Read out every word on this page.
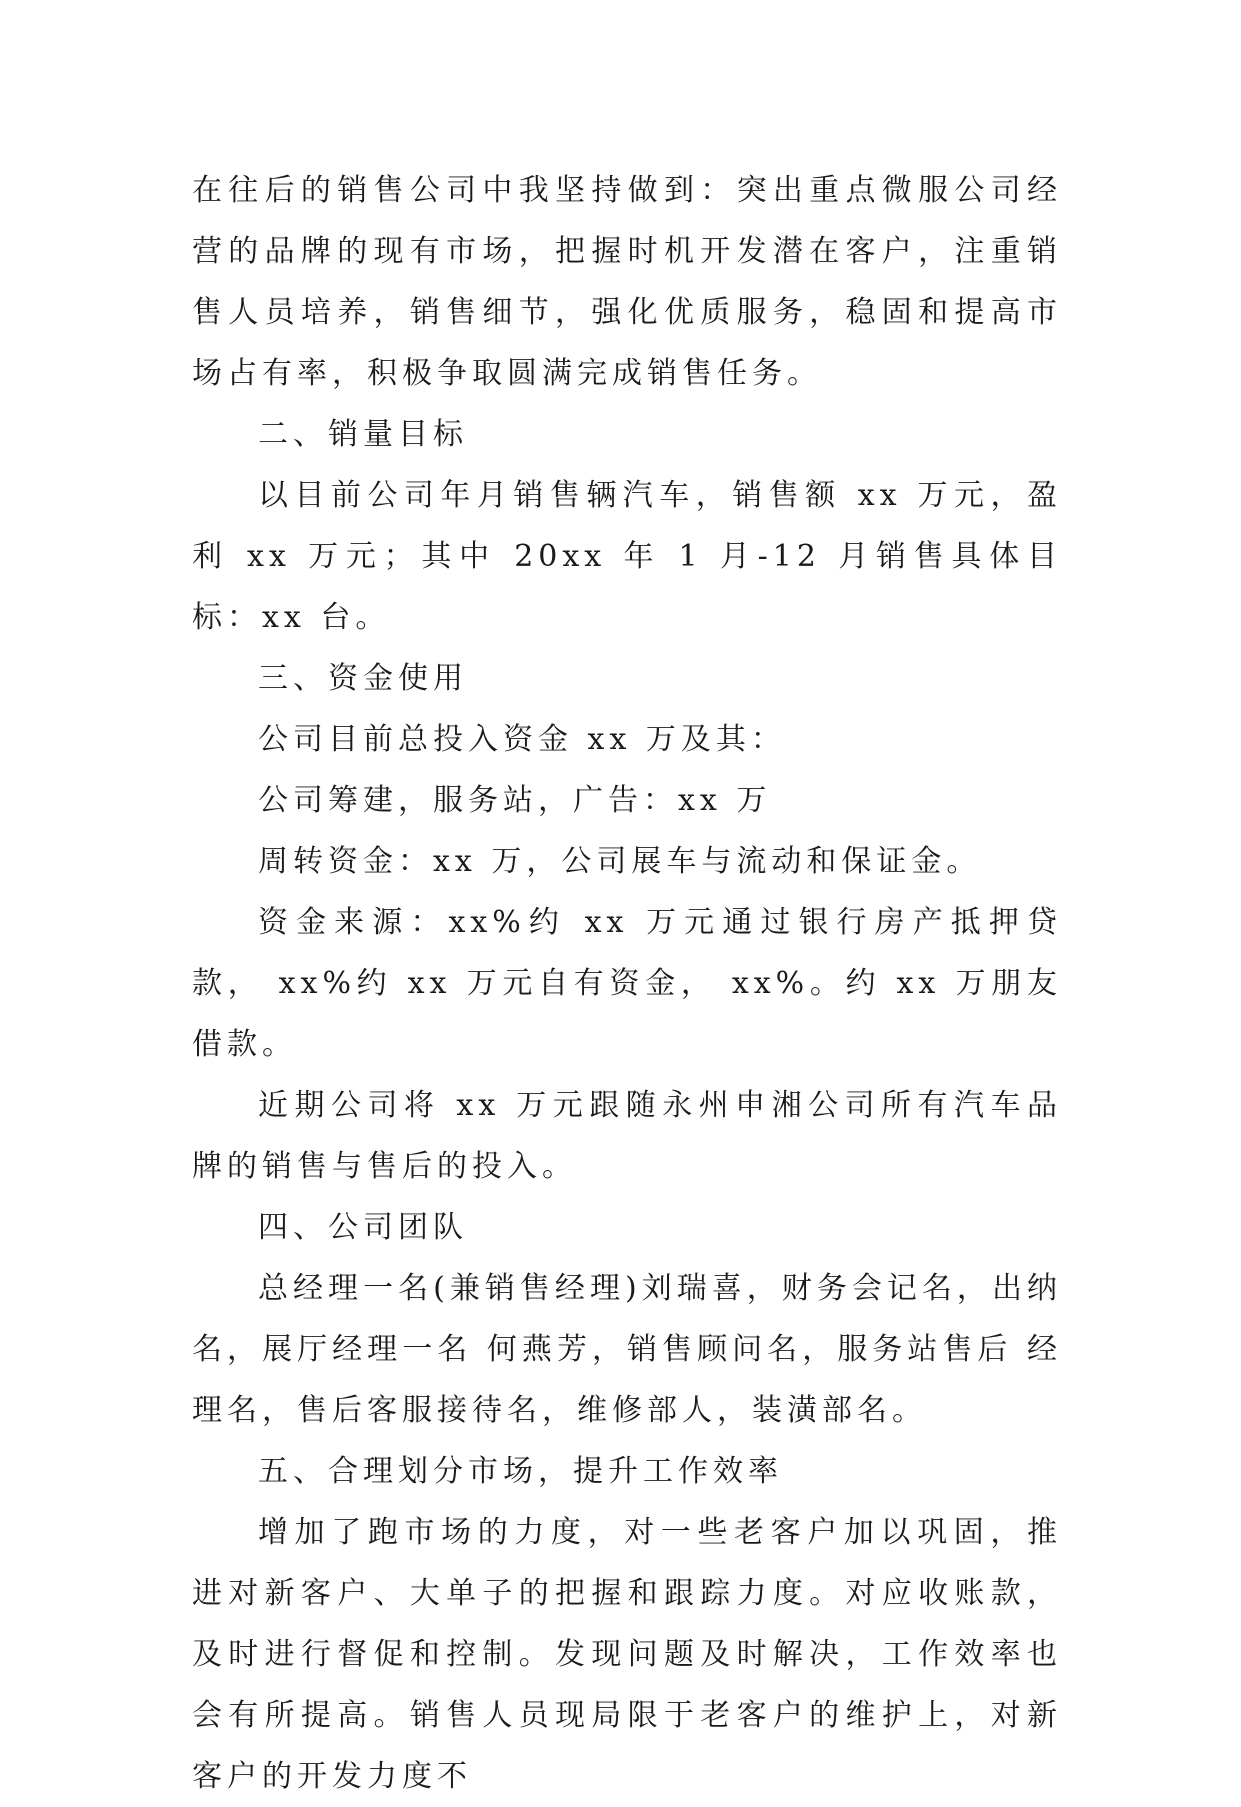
在往后的销售公司中我坚持做到：突出重点微服公司经营的品牌的现有市场，把握时机开发潜在客户，注重销售人员培养，销售细节，强化优质服务，稳固和提高市场占有率，积极争取圆满完成销售任务。

二、销量目标

以目前公司年月销售辆汽车，销售额 xx 万元，盈利 xx 万元；其中 20xx 年 1 月-12 月销售具体目标：xx 台。

三、资金使用

公司目前总投入资金 xx 万及其：

公司筹建，服务站，广告：xx 万

周转资金：xx 万，公司展车与流动和保证金。

资金来源：xx%约 xx 万元通过银行房产抵押贷款， xx%约 xx 万元自有资金， xx%。约 xx 万朋友借款。

近期公司将 xx 万元跟随永州申湘公司所有汽车品牌的销售与售后的投入。

四、公司团队

总经理一名(兼销售经理)刘瑞喜，财务会记名，出纳名，展厅经理一名 何燕芳，销售顾问名，服务站售后 经理名，售后客服接待名，维修部人，装潢部名。

五、合理划分市场，提升工作效率

增加了跑市场的力度，对一些老客户加以巩固，推进对新客户、大单子的把握和跟踪力度。对应收账款，及时进行督促和控制。发现问题及时解决，工作效率也会有所提高。销售人员现局限于老客户的维护上，对新客户的开发力度不
